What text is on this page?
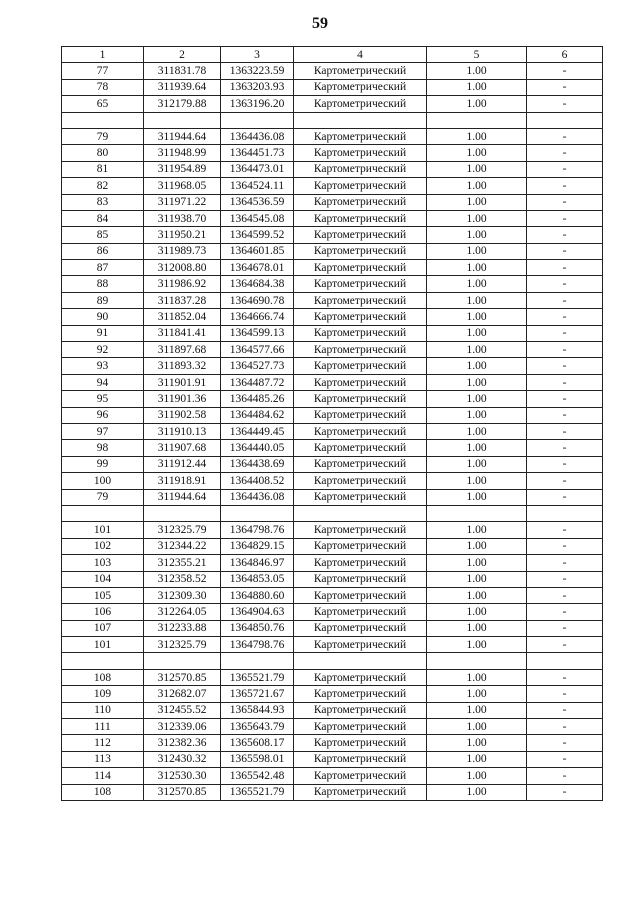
59
1	2	3	4	5	6
77	311831.78	1363223.59	Картометрический	1.00	-
78	311939.64	1363203.93	Картометрический	1.00	-
65	312179.88	1363196.20	Картометрический	1.00	-

79	311944.64	1364436.08	Картометрический	1.00	-
80	311948.99	1364451.73	Картометрический	1.00	-
81	311954.89	1364473.01	Картометрический	1.00	-
82	311968.05	1364524.11	Картометрический	1.00	-
83	311971.22	1364536.59	Картометрический	1.00	-
84	311938.70	1364545.08	Картометрический	1.00	-
85	311950.21	1364599.52	Картометрический	1.00	-
86	311989.73	1364601.85	Картометрический	1.00	-
87	312008.80	1364678.01	Картометрический	1.00	-
88	311986.92	1364684.38	Картометрический	1.00	-
89	311837.28	1364690.78	Картометрический	1.00	-
90	311852.04	1364666.74	Картометрический	1.00	-
91	311841.41	1364599.13	Картометрический	1.00	-
92	311897.68	1364577.66	Картометрический	1.00	-
93	311893.32	1364527.73	Картометрический	1.00	-
94	311901.91	1364487.72	Картометрический	1.00	-
95	311901.36	1364485.26	Картометрический	1.00	-
96	311902.58	1364484.62	Картометрический	1.00	-
97	311910.13	1364449.45	Картометрический	1.00	-
98	311907.68	1364440.05	Картометрический	1.00	-
99	311912.44	1364438.69	Картометрический	1.00	-
100	311918.91	1364408.52	Картометрический	1.00	-
79	311944.64	1364436.08	Картометрический	1.00	-

101	312325.79	1364798.76	Картометрический	1.00	-
102	312344.22	1364829.15	Картометрический	1.00	-
103	312355.21	1364846.97	Картометрический	1.00	-
104	312358.52	1364853.05	Картометрический	1.00	-
105	312309.30	1364880.60	Картометрический	1.00	-
106	312264.05	1364904.63	Картометрический	1.00	-
107	312233.88	1364850.76	Картометрический	1.00	-
101	312325.79	1364798.76	Картометрический	1.00	-

108	312570.85	1365521.79	Картометрический	1.00	-
109	312682.07	1365721.67	Картометрический	1.00	-
110	312455.52	1365844.93	Картометрический	1.00	-
111	312339.06	1365643.79	Картометрический	1.00	-
112	312382.36	1365608.17	Картометрический	1.00	-
113	312430.32	1365598.01	Картометрический	1.00	-
114	312530.30	1365542.48	Картометрический	1.00	-
108	312570.85	1365521.79	Картометрический	1.00	-
